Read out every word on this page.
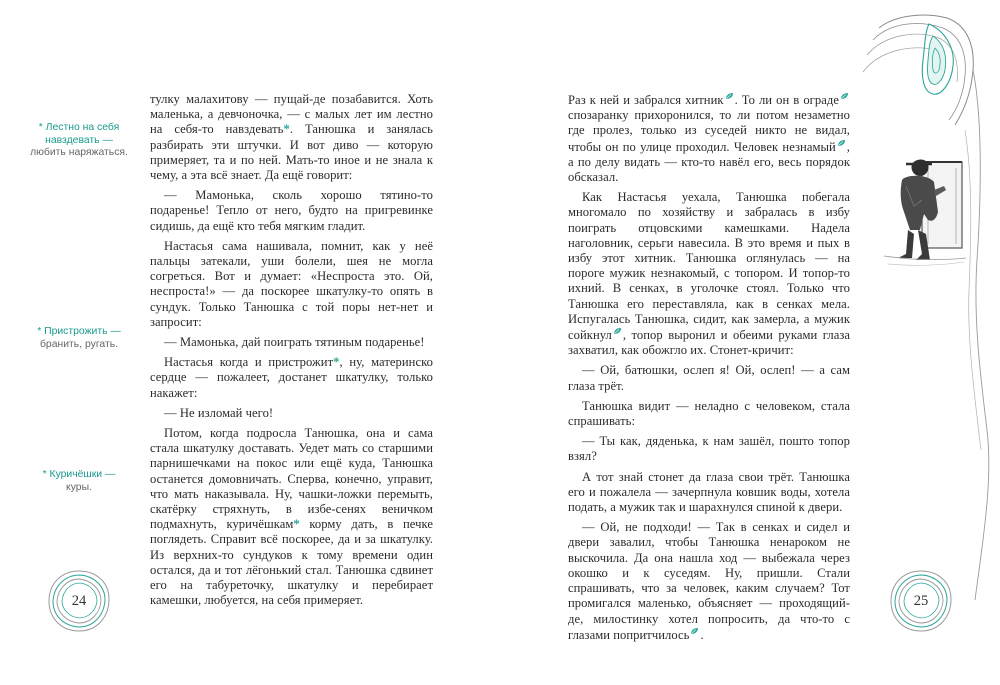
тулку малахитову — пущай-де позабавится. Хоть маленька, а девчоночка, — с малых лет им лестно на себя-то навздевать*. Танюшка и занялась разбирать эти штучки. И вот диво — которую примеряет, та и по ней. Мать-то иное и не знала к чему, а эта всё знает. Да ещё говорит:

— Мамонька, сколь хорошо тятино-то подаренье! Тепло от него, будто на пригревинке сидишь, да ещё кто тебя мягким гладит.

Настасья сама нашивала, помнит, как у неё пальцы затекали, уши болели, шея не могла согреться. Вот и думает: «Неспроста это. Ой, неспроста!» — да поскорее шкатулку-то опять в сундук. Только Танюшка с той поры нет-нет и запросит:

— Мамонька, дай поиграть тятиным подаренье!

Настасья когда и пристрожит*, ну, материнско сердце — пожалеет, достанет шкатулку, только накажет:

— Не изломай чего!

Потом, когда подросла Танюшка, она и сама стала шкатулку доставать. Уедет мать со старшими парнишечками на покос или ещё куда, Танюшка останется домовничать. Сперва, конечно, управит, что мать наказывала. Ну, чашки-ложки перемыть, скатёрку стряхнуть, в избе-сенях веничком подмахнуть, куричёшкам* корму дать, в печке поглядеть. Справит всё поскорее, да и за шкатулку. Из верхних-то сундуков к тому времени один остался, да и тот лёгонький стал. Танюшка сдвинет его на табуреточку, шкатулку и перебирает камешки, любуется, на себя примеряет.

* Лестно на себя навздевать —
любить наряжаться.
* Пристрожить —
бранить, ругать.
* Куричёшки —
куры.
24

Раз к ней и забрался хитник . То ли он в ограде спозаранку прихоронился, то ли потом незаметно где пролез, только из суседей никто не видал, чтобы он по улице проходил. Человек незнамый , а по делу видать — кто-то навёл его, весь порядок обсказал.

Как Настасья уехала, Танюшка побегала многомало по хозяйству и забралась в избу поиграть отцовскими камешками. Надела наголовник, серьги навесила. В это время и пых в избу этот хитник. Танюшка оглянулась — на пороге мужик незнакомый, с топором. И топор-то ихний. В сенках, в уголочке стоял. Только что Танюшка его переставляла, как в сенках мела. Испугалась Танюшка, сидит, как замерла, а мужик сойкнул , топор выронил и обеими руками глаза захватил, как обожгло их. Стонет-кричит:

— Ой, батюшки, ослеп я! Ой, ослеп! — а сам глаза трёт.

Танюшка видит — неладно с человеком, стала спрашивать:

— Ты как, дяденька, к нам зашёл, пошто топор взял?

А тот знай стонет да глаза свои трёт. Танюшка его и пожалела — зачерпнула ковшик воды, хотела подать, а мужик так и шарахнулся спиной к двери.

— Ой, не подходи! — Так в сенках и сидел и двери завалил, чтобы Танюшка ненароком не выскочила. Да она нашла ход — выбежала через окошко и к суседям. Ну, пришли. Стали спрашивать, что за человек, каким случаем? Тот промигался маленько, объясняет — проходящий-де, милостинку хотел попросить, да что-то с глазами попритчилось .

25
